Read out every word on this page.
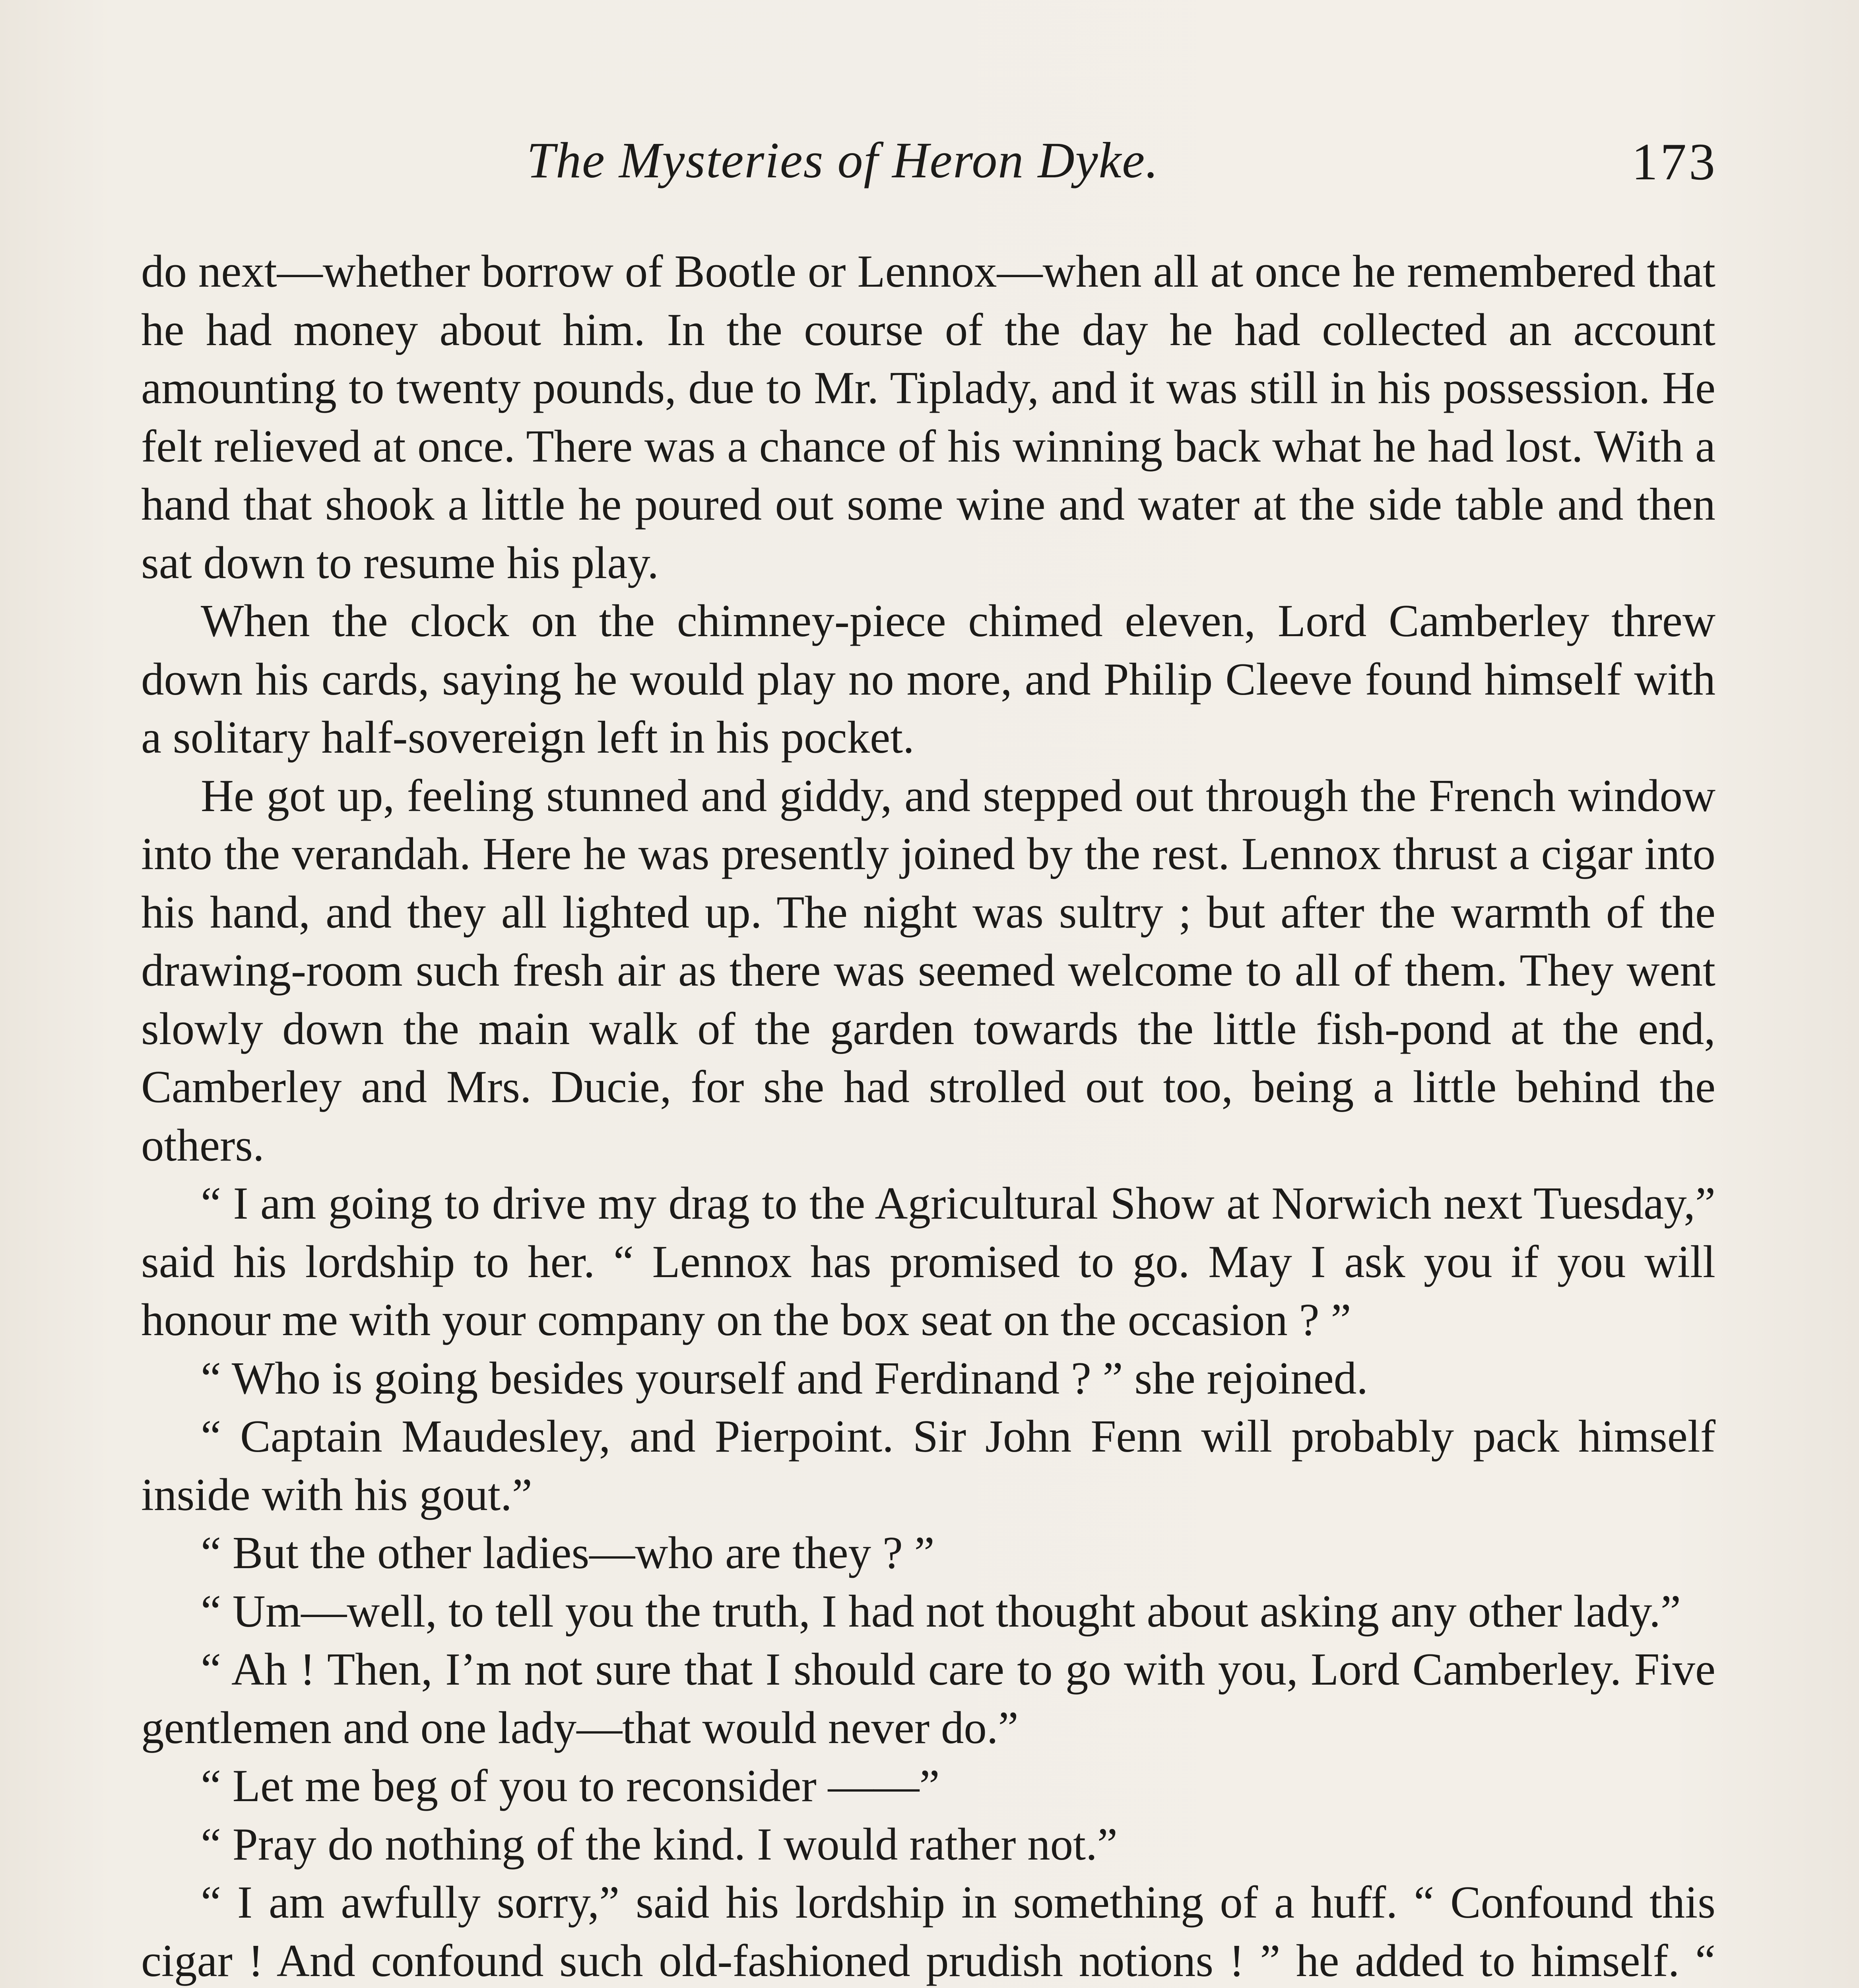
The Mysteries of Heron Dyke.	173

do next—whether borrow of Bootle or Lennox—when all at once he remembered that he had money about him. In the course of the day he had collected an account amounting to twenty pounds, due to Mr. Tiplady, and it was still in his possession. He felt relieved at once. There was a chance of his winning back what he had lost. With a hand that shook a little he poured out some wine and water at the side table and then sat down to resume his play.

When the clock on the chimney-piece chimed eleven, Lord Camberley threw down his cards, saying he would play no more, and Philip Cleeve found himself with a solitary half-sovereign left in his pocket.

He got up, feeling stunned and giddy, and stepped out through the French window into the verandah. Here he was presently joined by the rest. Lennox thrust a cigar into his hand, and they all lighted up. The night was sultry ; but after the warmth of the drawing-room such fresh air as there was seemed welcome to all of them. They went slowly down the main walk of the garden towards the little fish-pond at the end, Camberley and Mrs. Ducie, for she had strolled out too, being a little behind the others.

“ I am going to drive my drag to the Agricultural Show at Norwich next Tuesday,” said his lordship to her. “ Lennox has promised to go. May I ask you if you will honour me with your company on the box seat on the occasion ? ”

“ Who is going besides yourself and Ferdinand ? ” she rejoined.

“ Captain Maudesley, and Pierpoint. Sir John Fenn will probably pack himself inside with his gout.”

“ But the other ladies—who are they ? ”

“ Um—well, to tell you the truth, I had not thought about asking any other lady.”

“ Ah ! Then, I’m not sure that I should care to go with you, Lord Camberley. Five gentlemen and one lady—that would never do.”

“ Let me beg of you to reconsider ——”

“ Pray do nothing of the kind. I would rather not.”

“ I am awfully sorry,” said his lordship in something of a huff. “ Confound this cigar ! And confound such old-fashioned prudish notions ! ” he added to himself. “
